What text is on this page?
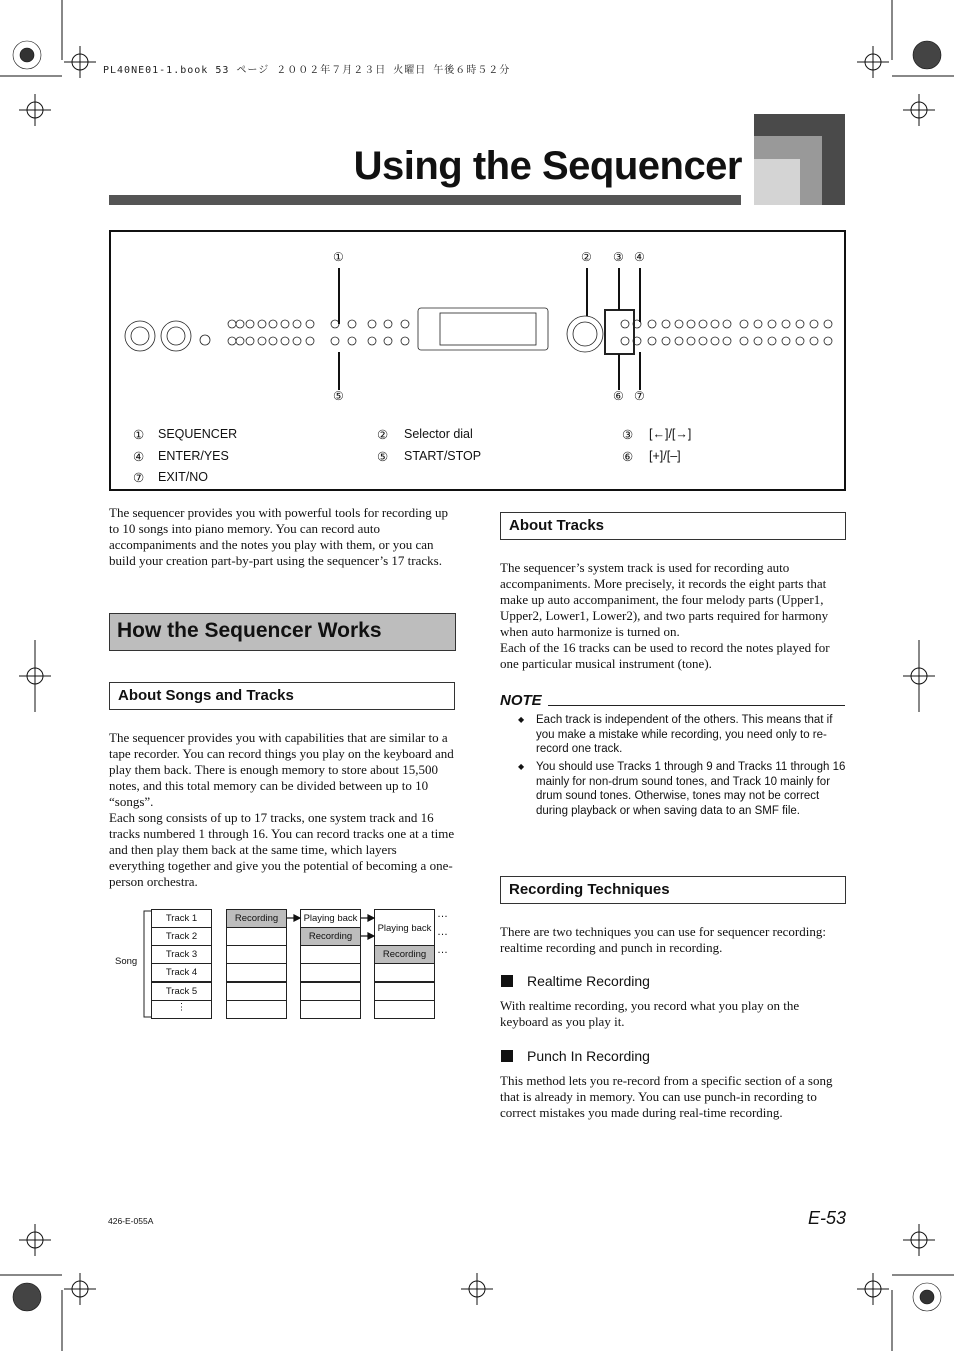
PL40NE01-1.book 53 ページ ２００２年７月２３日 火曜日 午後６時５２分
Using the Sequencer
①	② ③ ④
⑤	⑥ ⑦
① SEQUENCER	② Selector dial	③ [←]/[→]
④ ENTER/YES	⑤ START/STOP	⑥ [+]/[–]
⑦ EXIT/NO
The sequencer provides you with powerful tools for recording up to 10 songs into piano memory. You can record auto accompaniments and the notes you play with them, or you can build your creation part-by-part using the sequencer’s 17 tracks.
How the Sequencer Works
About Songs and Tracks
The sequencer provides you with capabilities that are similar to a tape recorder. You can record things you play on the keyboard and play them back. There is enough memory to store about 15,500 notes, and this total memory can be divided between up to 10 “songs”.
Each song consists of up to 17 tracks, one system track and 16 tracks numbered 1 through 16. You can record tracks one at a time and then play them back at the same time, which layers everything together and give you the potential of becoming a one-person orchestra.
Song
Track 1
Track 2
Track 3
Track 4
Track 5
⋮
Recording	Playing back
Recording
Playing back
Recording
…
…
…
About Tracks
The sequencer’s system track is used for recording auto accompaniments. More precisely, it records the eight parts that make up auto accompaniment, the four melody parts (Upper1, Upper2, Lower1, Lower2), and two parts required for harmony when auto harmonize is turned on.
Each of the 16 tracks can be used to record the notes played for one particular musical instrument (tone).
NOTE
◆ Each track is independent of the others. This means that if you make a mistake while recording, you need only to re-record one track.
◆ You should use Tracks 1 through 9 and Tracks 11 through 16 mainly for non-drum sound tones, and Track 10 mainly for drum sound tones. Otherwise, tones may not be correct during playback or when saving data to an SMF file.
Recording Techniques
There are two techniques you can use for sequencer recording: realtime recording and punch in recording.
Realtime Recording
With realtime recording, you record what you play on the keyboard as you play it.
Punch In Recording
This method lets you re-record from a specific section of a song that is already in memory. You can use punch-in recording to correct mistakes you made during real-time recording.
426-E-055A	E-53
